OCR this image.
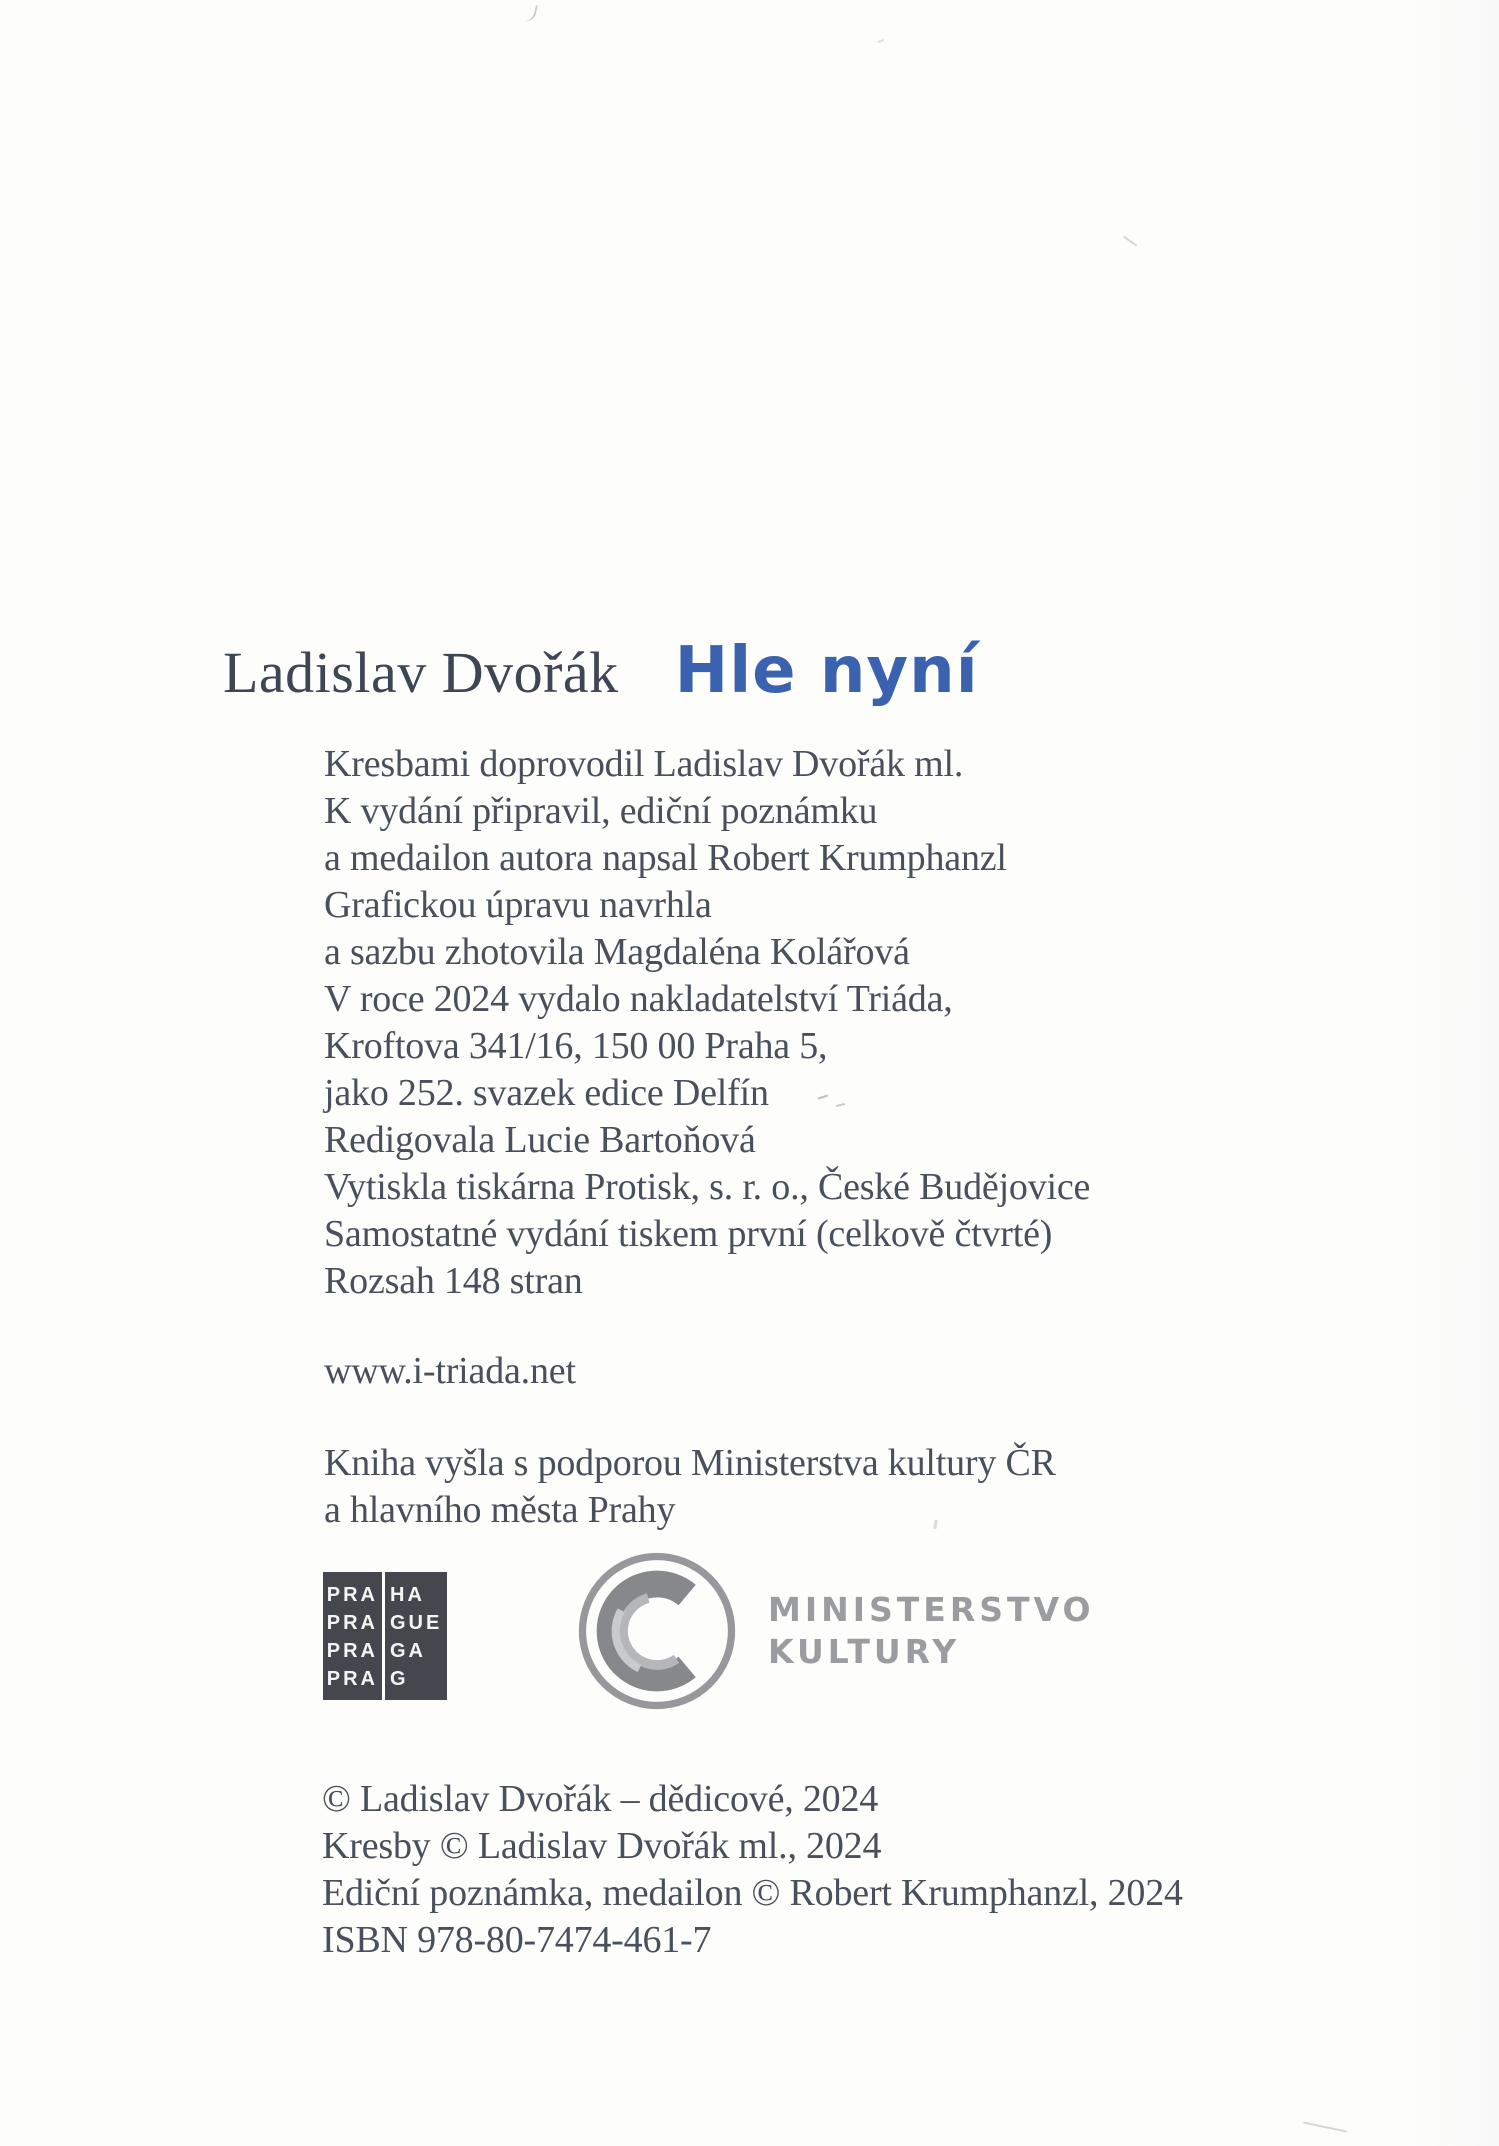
Ladislav Dvořák Hle nyní
Kresbami doprovodil Ladislav Dvořák ml.
K vydání připravil, ediční poznámku
a medailon autora napsal Robert Krumphanzl
Grafickou úpravu navrhla
a sazbu zhotovila Magdaléna Kolářová
V roce 2024 vydalo nakladatelství Triáda,
Kroftova 341/16, 150 00 Praha 5,
jako 252. svazek edice Delfín
Redigovala Lucie Bartoňová
Vytiskla tiskárna Protisk, s. r. o., České Budějovice
Samostatné vydání tiskem první (celkově čtvrté)
Rozsah 148 stran
www.i-triada.net
Kniha vyšla s podporou Ministerstva kultury ČR
a hlavního města Prahy
PRA HA
PRA GUE
PRA GA
PRA G
MINISTERSTVO
KULTURY
© Ladislav Dvořák – dědicové, 2024
Kresby © Ladislav Dvořák ml., 2024
Ediční poznámka, medailon © Robert Krumphanzl, 2024
ISBN 978-80-7474-461-7
